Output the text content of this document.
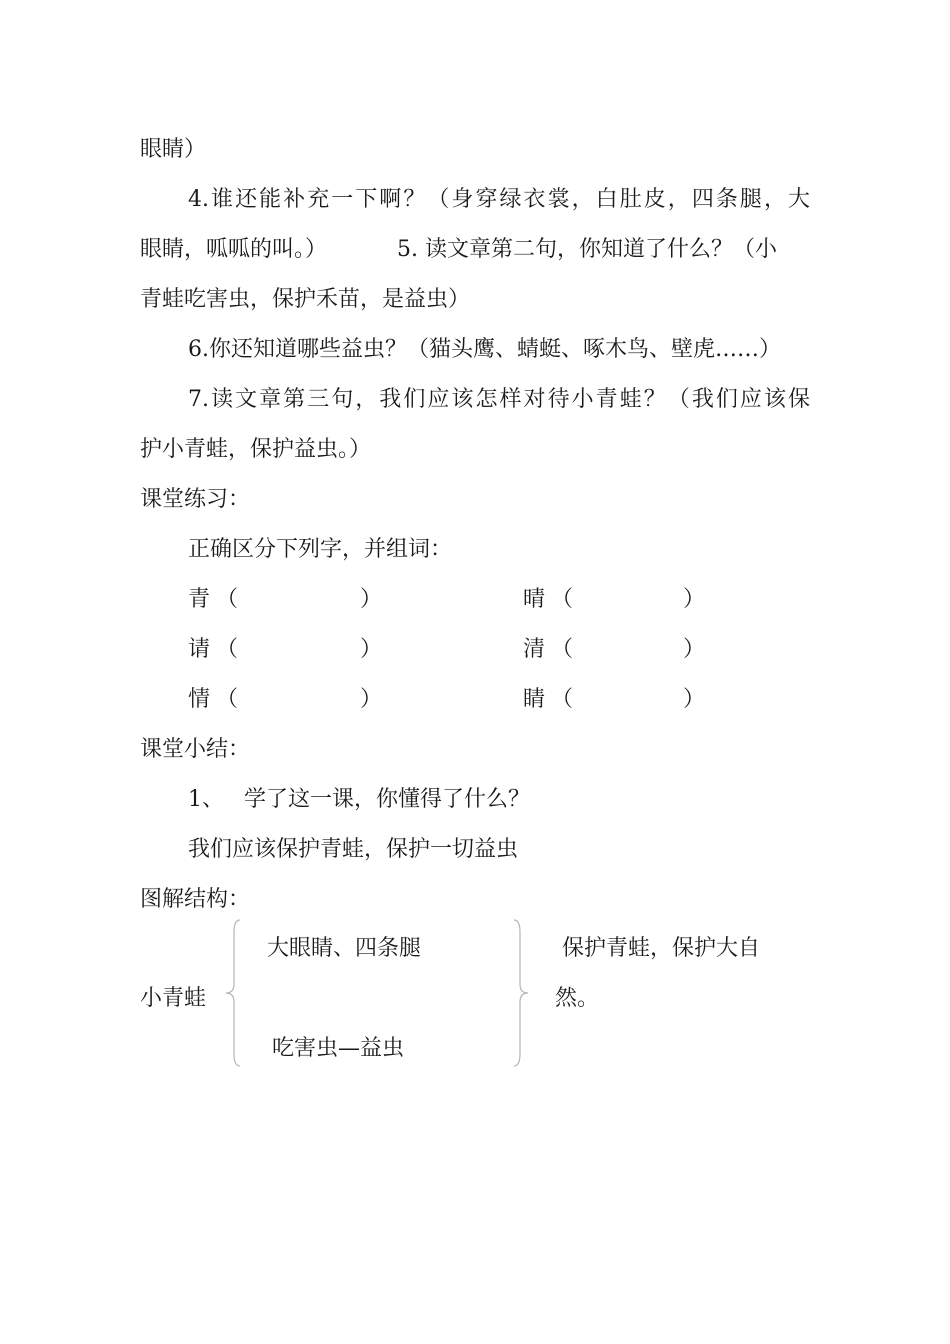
眼睛）
4.谁还能补充一下啊？（身穿绿衣裳，白肚皮，四条腿，大
眼睛，呱呱的叫。）	5. 读文章第二句，你知道了什么？（小
青蛙吃害虫，保护禾苗，是益虫）
6.你还知道哪些益虫？（猫头鹰、蜻蜓、啄木鸟、壁虎……）
7.读文章第三句，我们应该怎样对待小青蛙？（我们应该保
护小青蛙，保护益虫。）
课堂练习：
正确区分下列字，并组词：
青 （	）	晴 （	）
请 （	）	清 （	）
情 （	）	睛 （	）
课堂小结：
1、 学了这一课，你懂得了什么？
我们应该保护青蛙，保护一切益虫
图解结构：
小青蛙
大眼睛、四条腿
吃害虫—益虫
保护青蛙，保护大自
然。
